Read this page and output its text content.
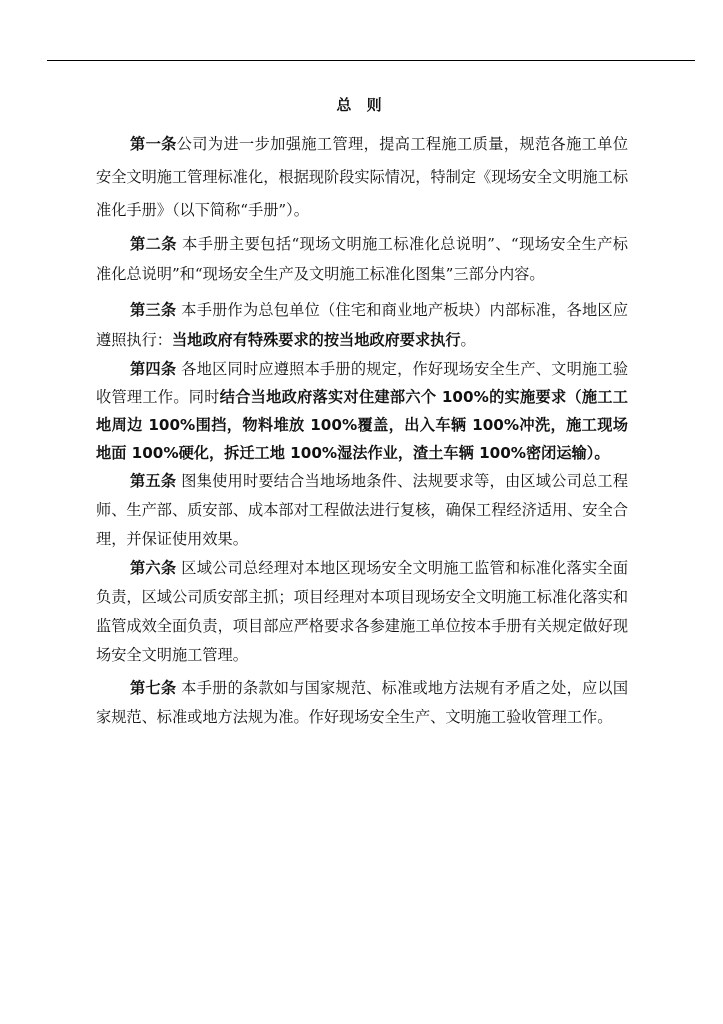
总 则

第一条公司为进一步加强施工管理，提高工程施工质量，规范各施工单位安全文明施工管理标准化，根据现阶段实际情况，特制定《现场安全文明施工标准化手册》（以下简称“手册”）。

第二条 本手册主要包括“现场文明施工标准化总说明”、“现场安全生产标准化总说明”和“现场安全生产及文明施工标准化图集”三部分内容。

第三条 本手册作为总包单位（住宅和商业地产板块）内部标准，各地区应遵照执行：当地政府有特殊要求的按当地政府要求执行。

第四条 各地区同时应遵照本手册的规定，作好现场安全生产、文明施工验收管理工作。同时结合当地政府落实对住建部六个 100%的实施要求（施工工地周边 100%围挡，物料堆放 100%覆盖，出入车辆 100%冲洗，施工现场地面 100%硬化，拆迁工地 100%湿法作业，渣土车辆 100%密闭运输）。

第五条 图集使用时要结合当地场地条件、法规要求等，由区域公司总工程师、生产部、质安部、成本部对工程做法进行复核，确保工程经济适用、安全合理，并保证使用效果。

第六条 区域公司总经理对本地区现场安全文明施工监管和标准化落实全面负责，区域公司质安部主抓；项目经理对本项目现场安全文明施工标准化落实和监管成效全面负责，项目部应严格要求各参建施工单位按本手册有关规定做好现场安全文明施工管理。

第七条 本手册的条款如与国家规范、标准或地方法规有矛盾之处，应以国家规范、标准或地方法规为准。作好现场安全生产、文明施工验收管理工作。
